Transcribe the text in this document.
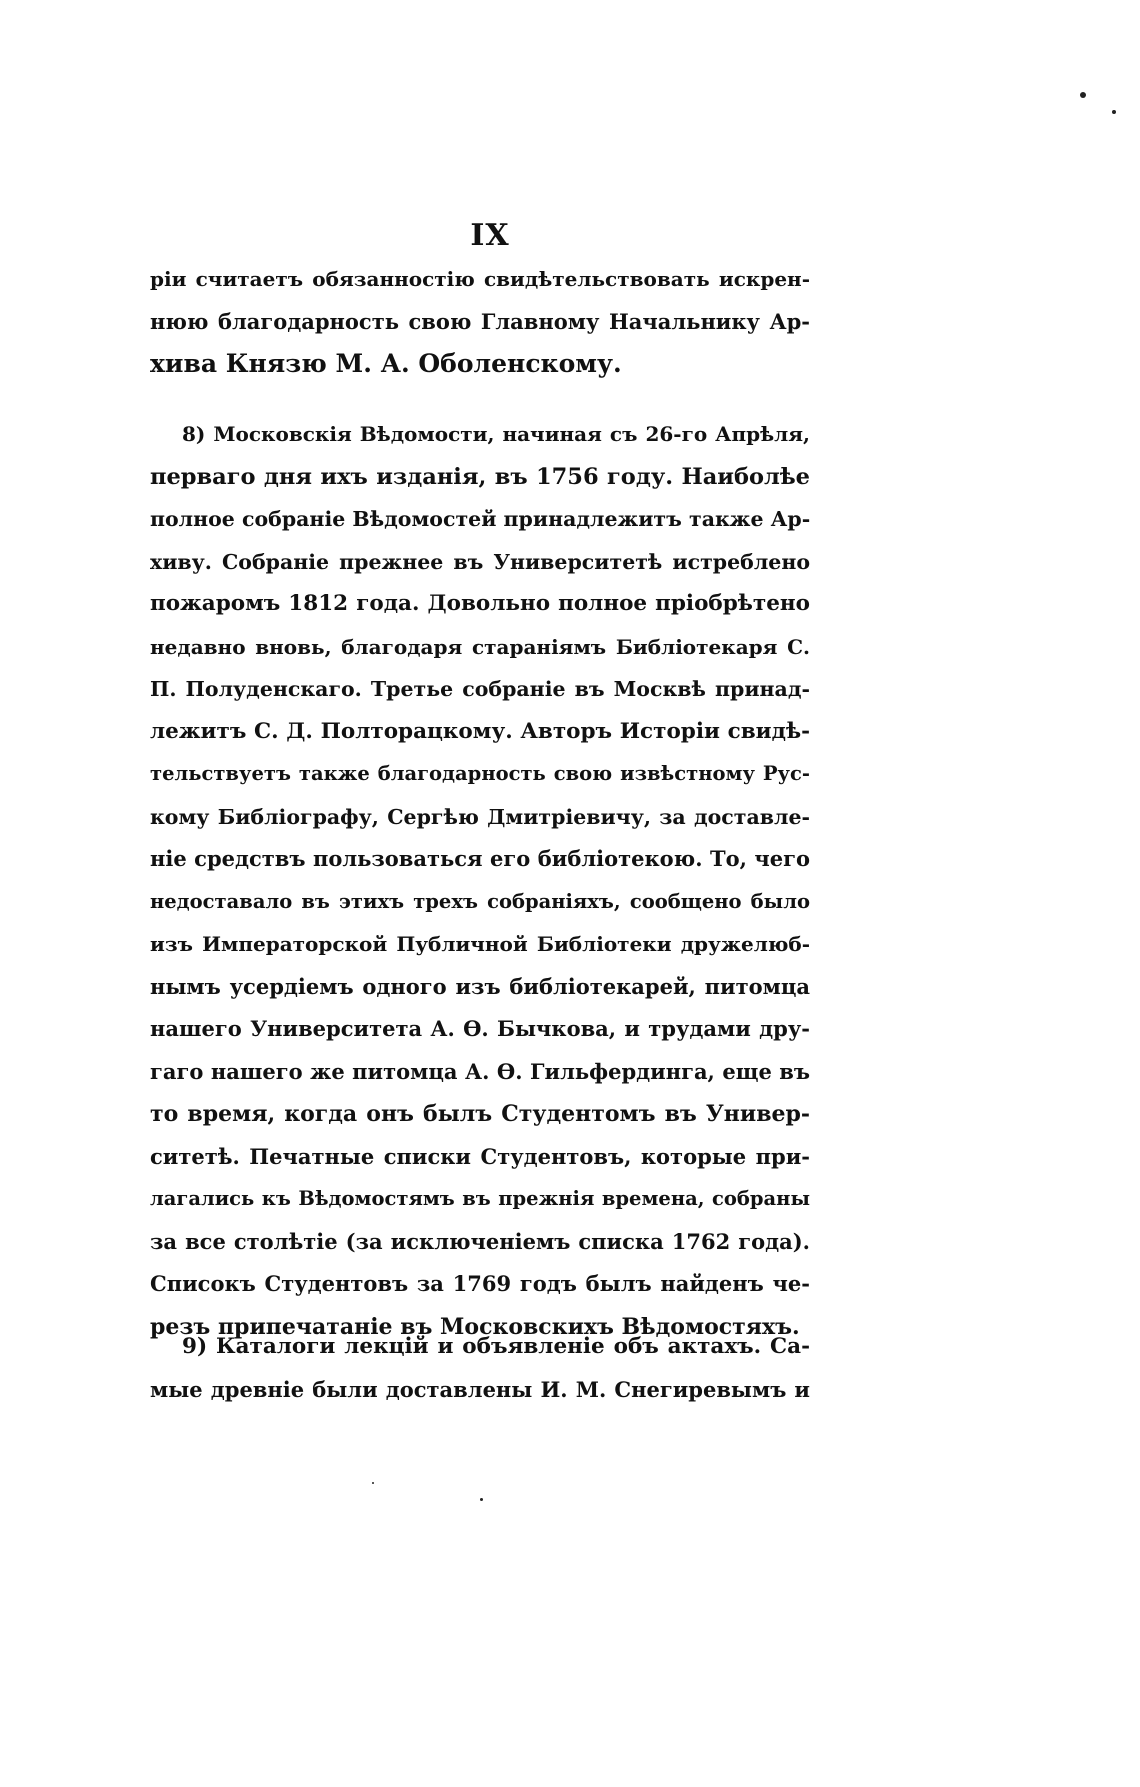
IX
ріи считаетъ обязанностію свидѣтельствовать искрен-
нюю благодарность свою Главному Начальнику Ар-
хива Князю М. А. Оболенскому.
8) Московскія Вѣдомости, начиная съ 26-го Апрѣля,
перваго дня ихъ изданія, въ 1756 году. Наиболѣе
полное собраніе Вѣдомостей принадлежитъ также Ар-
хиву. Собраніе прежнее въ Университетѣ истреблено
пожаромъ 1812 года. Довольно полное пріобрѣтено
недавно вновь, благодаря стараніямъ Библіотекаря С.
П. Полуденскаго. Третье собраніе въ Москвѣ принад-
лежитъ С. Д. Полторацкому. Авторъ Исторіи свидѣ-
тельствуетъ также благодарность свою извѣстному Рус-
кому Библіографу, Сергѣю Дмитріевичу, за доставле-
ніе средствъ пользоваться его библіотекою. То, чего
недоставало въ этихъ трехъ собраніяхъ, сообщено было
изъ Императорской Публичной Библіотеки дружелюб-
нымъ усердіемъ одного изъ библіотекарей, питомца
нашего Университета А. Ѳ. Бычкова, и трудами дру-
гаго нашего же питомца А. Ѳ. Гильфердинга, еще въ
то время, когда онъ былъ Студентомъ въ Универ-
ситетѣ. Печатные списки Студентовъ, которые при-
лагались къ Вѣдомостямъ въ прежнія времена, собраны
за все столѣтіе (за исключеніемъ списка 1762 года).
Списокъ Студентовъ за 1769 годъ былъ найденъ че-
резъ припечатаніе въ Московскихъ Вѣдомостяхъ.
9) Каталоги лекцій и объявленіе объ актахъ. Са-
мые древніе были доставлены И. М. Снегиревымъ и
